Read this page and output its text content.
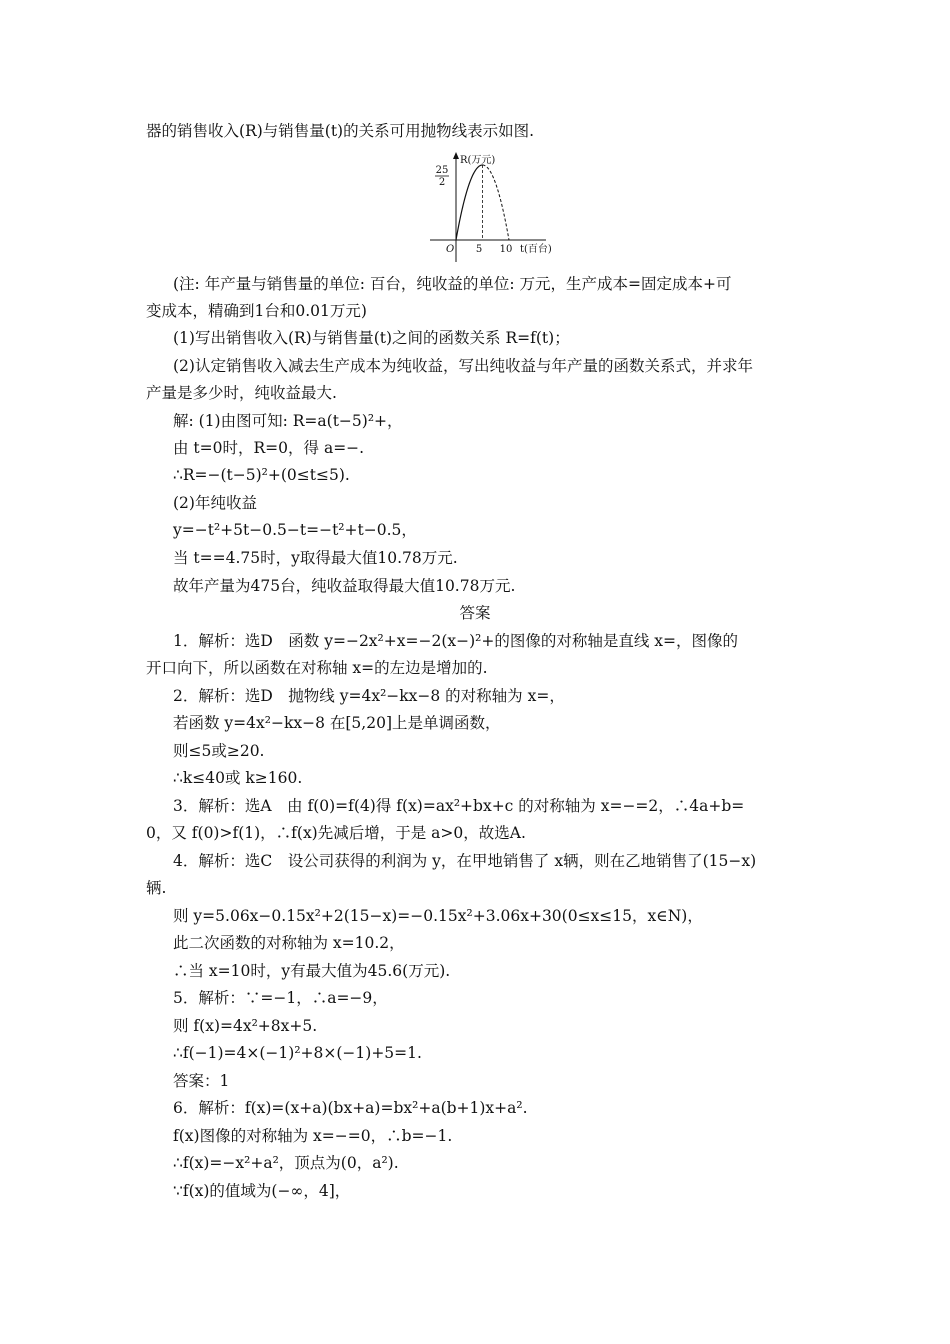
器的销售收入(R)与销售量(t)的关系可用抛物线表示如图.
R(万元)
25
2
O 5 10 t(百台)
(注: 年产量与销售量的单位: 百台，纯收益的单位: 万元，生产成本=固定成本+可
变成本，精确到1台和0.01万元)
(1)写出销售收入(R)与销售量(t)之间的函数关系 R=f(t)；
(2)认定销售收入减去生产成本为纯收益，写出纯收益与年产量的函数关系式，并求年
产量是多少时，纯收益最大.
解: (1)由图可知: R=a(t−5)²+，
由 t=0时，R=0，得 a=−.
∴R=−(t−5)²+(0≤t≤5).
(2)年纯收益
y=−t²+5t−0.5−t=−t²+t−0.5，
当 t==4.75时，y取得最大值10.78万元.
故年产量为475台，纯收益取得最大值10.78万元.
答案
1．解析：选D　函数 y=−2x²+x=−2(x−)²+的图像的对称轴是直线 x=，图像的
开口向下，所以函数在对称轴 x=的左边是增加的.
2．解析：选D　抛物线 y=4x²−kx−8 的对称轴为 x=，
若函数 y=4x²−kx−8 在[5,20]上是单调函数，
则≤5或≥20.
∴k≤40或 k≥160.
3．解析：选A　由 f(0)=f(4)得 f(x)=ax²+bx+c 的对称轴为 x=−=2，∴4a+b=
0，又 f(0)>f(1)，∴f(x)先减后增，于是 a>0，故选A.
4．解析：选C　设公司获得的利润为 y，在甲地销售了 x辆，则在乙地销售了(15−x)
辆.
则 y=5.06x−0.15x²+2(15−x)=−0.15x²+3.06x+30(0≤x≤15，x∈N)，
此二次函数的对称轴为 x=10.2，
∴当 x=10时，y有最大值为45.6(万元).
5．解析：∵=−1，∴a=−9，
则 f(x)=4x²+8x+5.
∴f(−1)=4×(−1)²+8×(−1)+5=1.
答案：1
6．解析：f(x)=(x+a)(bx+a)=bx²+a(b+1)x+a².
f(x)图像的对称轴为 x=−=0，∴b=−1.
∴f(x)=−x²+a²，顶点为(0，a²).
∵f(x)的值域为(−∞，4]，
